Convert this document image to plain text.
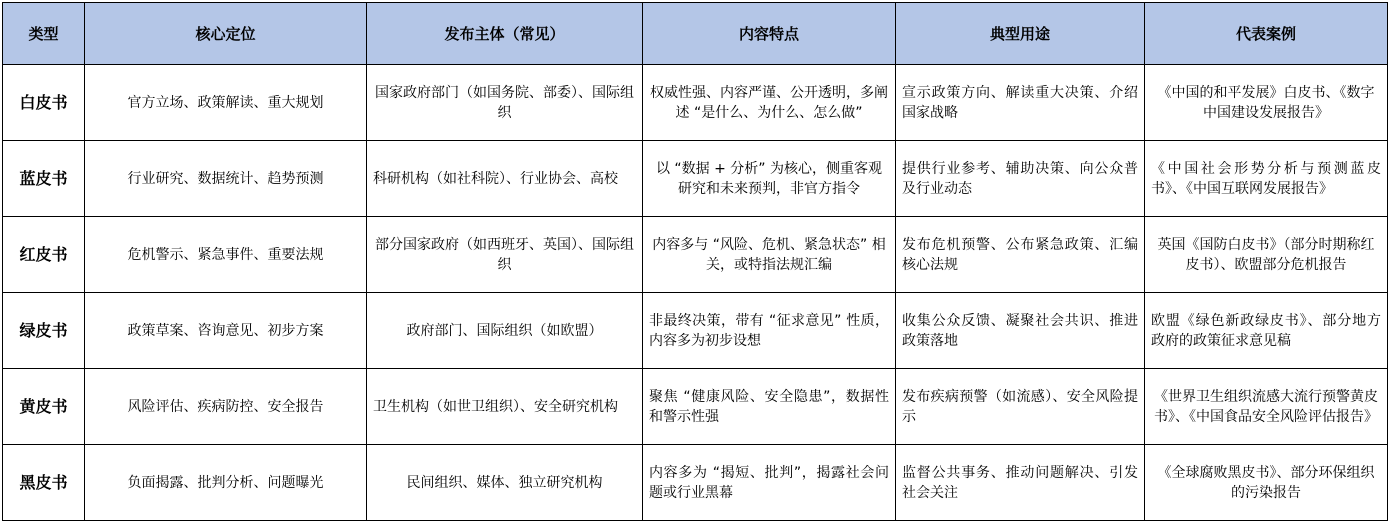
类型	核心定位	发布主体（常见）	内容特点	典型用途	代表案例
白皮书	官方立场、政策解读、重大规划	国家政府部门（如国务院、部委）、国际组织	权威性强、内容严谨、公开透明，多阐述 “是什么、为什么、怎么做”	宣示政策方向、解读重大决策、介绍国家战略	《中国的和平发展》白皮书、《数字中国建设发展报告》
蓝皮书	行业研究、数据统计、趋势预测	科研机构（如社科院）、行业协会、高校	以 “数据 + 分析” 为核心，侧重客观研究和未来预判，非官方指令	提供行业参考、辅助决策、向公众普及行业动态	《中国社会形势分析与预测蓝皮书》、《中国互联网发展报告》
红皮书	危机警示、紧急事件、重要法规	部分国家政府（如西班牙、英国）、国际组织	内容多与 “风险、危机、紧急状态” 相关，或特指法规汇编	发布危机预警、公布紧急政策、汇编核心法规	英国《国防白皮书》（部分时期称红皮书）、欧盟部分危机报告
绿皮书	政策草案、咨询意见、初步方案	政府部门、国际组织（如欧盟）	非最终决策，带有 “征求意见” 性质，内容多为初步设想	收集公众反馈、凝聚社会共识、推进政策落地	欧盟《绿色新政绿皮书》、部分地方政府的政策征求意见稿
黄皮书	风险评估、疾病防控、安全报告	卫生机构（如世卫组织）、安全研究机构	聚焦 “健康风险、安全隐患”，数据性和警示性强	发布疾病预警（如流感）、安全风险提示	《世界卫生组织流感大流行预警黄皮书》、《中国食品安全风险评估报告》
黑皮书	负面揭露、批判分析、问题曝光	民间组织、媒体、独立研究机构	内容多为 “揭短、批判”，揭露社会问题或行业黑幕	监督公共事务、推动问题解决、引发社会关注	《全球腐败黑皮书》、部分环保组织的污染报告
